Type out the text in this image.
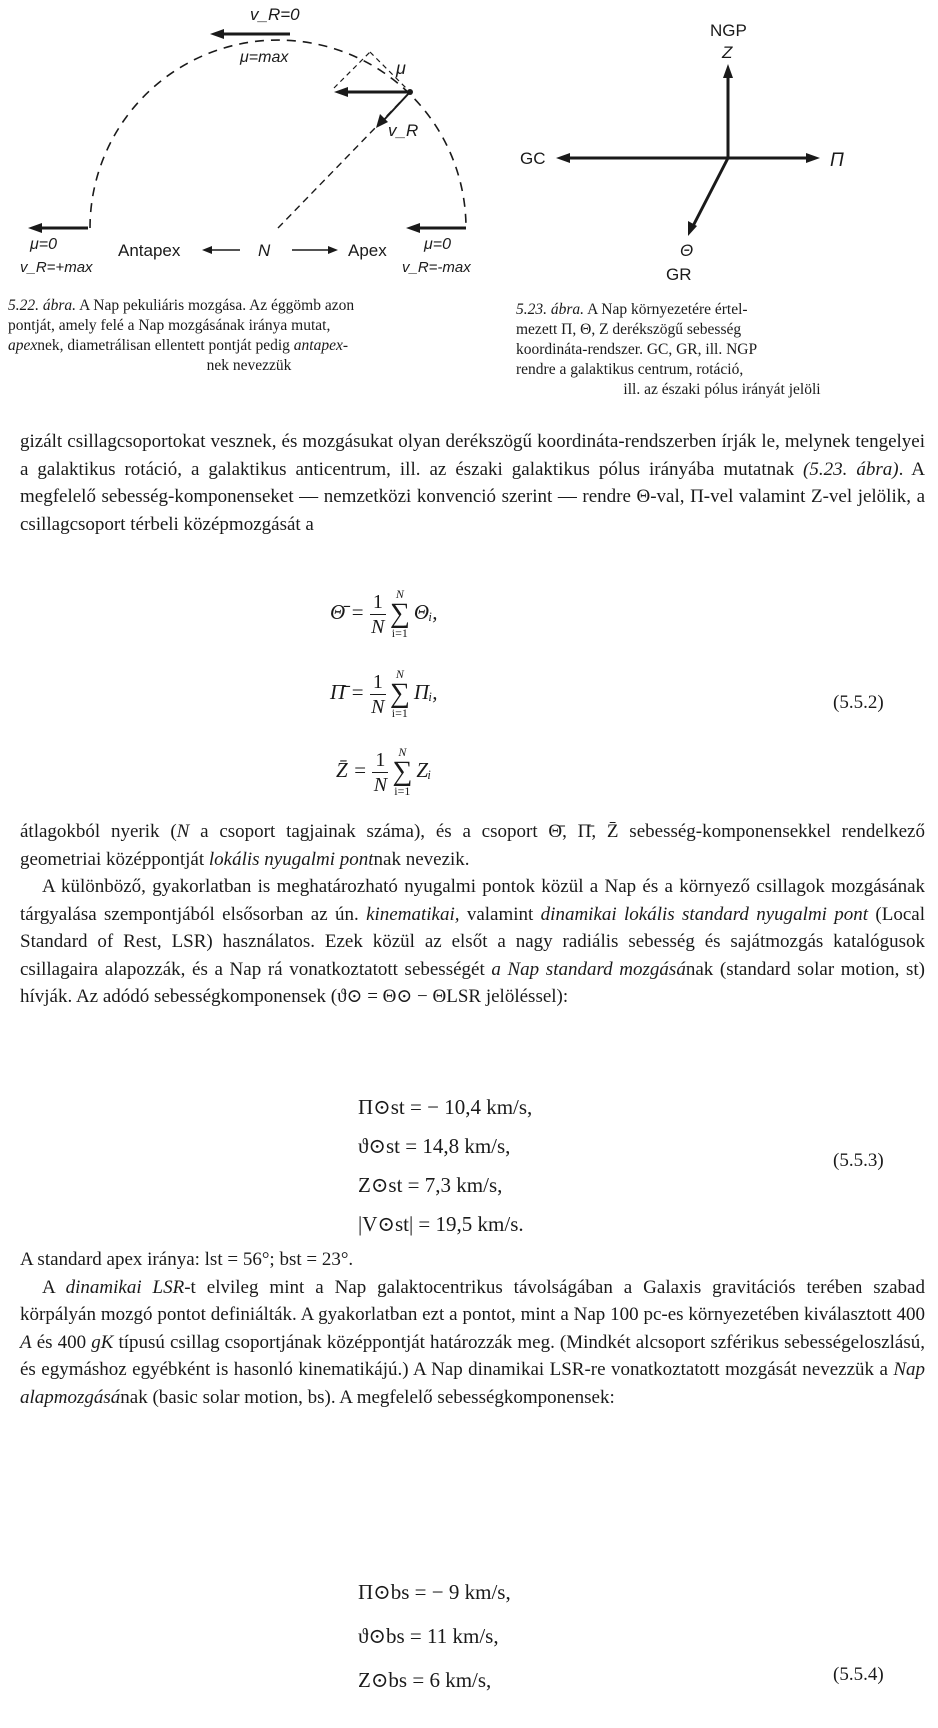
v_R=0
μ=max
μ
v_R
μ=0
v_R=+max
Antapex	N	Apex μ=0
v_R=-max
NGP
Z
GC	Π
Θ
GR
5.22. ábra. A Nap pekuliáris mozgása. Az éggömb azon
pontját, amely felé a Nap mozgásának iránya mutat,
apexnek, diametrálisan ellentett pontját pedig antapex-
nek nevezzük
5.23. ábra. A Nap környezetére értel-
mezett Π, Θ, Z derékszögű sebesség
koordináta-rendszer. GC, GR, ill. NGP
rendre a galaktikus centrum, rotáció,
ill. az északi pólus irányát jelöli

gizált csillagcsoportokat vesznek, és mozgásukat olyan derékszögű koordináta-rendszerben írják le, melynek tengelyei a galaktikus rotáció, a galaktikus anticentrum, ill. az északi galaktikus pólus irányába mutatnak (5.23. ábra). A megfelelő sebesség-komponenseket — nemzetközi konvenció szerint — rendre Θ-val, Π-vel valamint Z-vel jelölik, a csillagcsoport térbeli középmozgását a

Θ̄ = $\frac{1}{N}$ N
∑
i=1
Θᵢ,
Π̄ = $\frac{1}{N}$ N
∑
i=1
Πᵢ,	(5.5.2)
Z̄ = $\frac{1}{N}$ N
∑
i=1
Zᵢ

átlagokból nyerik (N a csoport tagjainak száma), és a csoport Θ̄, Π̄, Z̄ sebesség-komponensekkel rendelkező geometriai középpontját lokális nyugalmi pontnak nevezik.

A különböző, gyakorlatban is meghatározható nyugalmi pontok közül a Nap és a környező csillagok mozgásának tárgyalása szempontjából elsősorban az ún. kinematikai, valamint dinamikai lokális standard nyugalmi pont (Local Standard of Rest, LSR) használatos. Ezek közül az elsőt a nagy radiális sebesség és sajátmozgás katalógusok csillagaira alapozzák, és a Nap rá vonatkoztatott sebességét a Nap standard mozgásának (standard solar motion, st) hívják. Az adódó sebességkomponensek (ϑ⊙ = Θ⊙ − ΘLSR jelöléssel):

Π⊙st = − 10,4 km/s,
ϑ⊙st = 14,8 km/s,
Z⊙st = 7,3 km/s,
|V⊙st| = 19,5 km/s.
(5.5.3)

A standard apex iránya: lst = 56°; bst = 23°.

A dinamikai LSR-t elvileg mint a Nap galaktocentrikus távolságában a Galaxis gravitációs terében szabad körpályán mozgó pontot definiálták. A gyakorlatban ezt a pontot, mint a Nap 100 pc-es környezetében kiválasztott 400 A és 400 gK típusú csillag csoportjának középpontját határozzák meg. (Mindkét alcsoport szférikus sebességeloszlású, és egymáshoz egyébként is hasonló kinematikájú.) A Nap dinamikai LSR-re vonatkoztatott mozgását nevezzük a Nap alapmozgásának (basic solar motion, bs). A megfelelő sebességkomponensek:

Π⊙bs = − 9 km/s,
ϑ⊙bs = 11 km/s,
Z⊙bs = 6 km/s,	(5.5.4)
